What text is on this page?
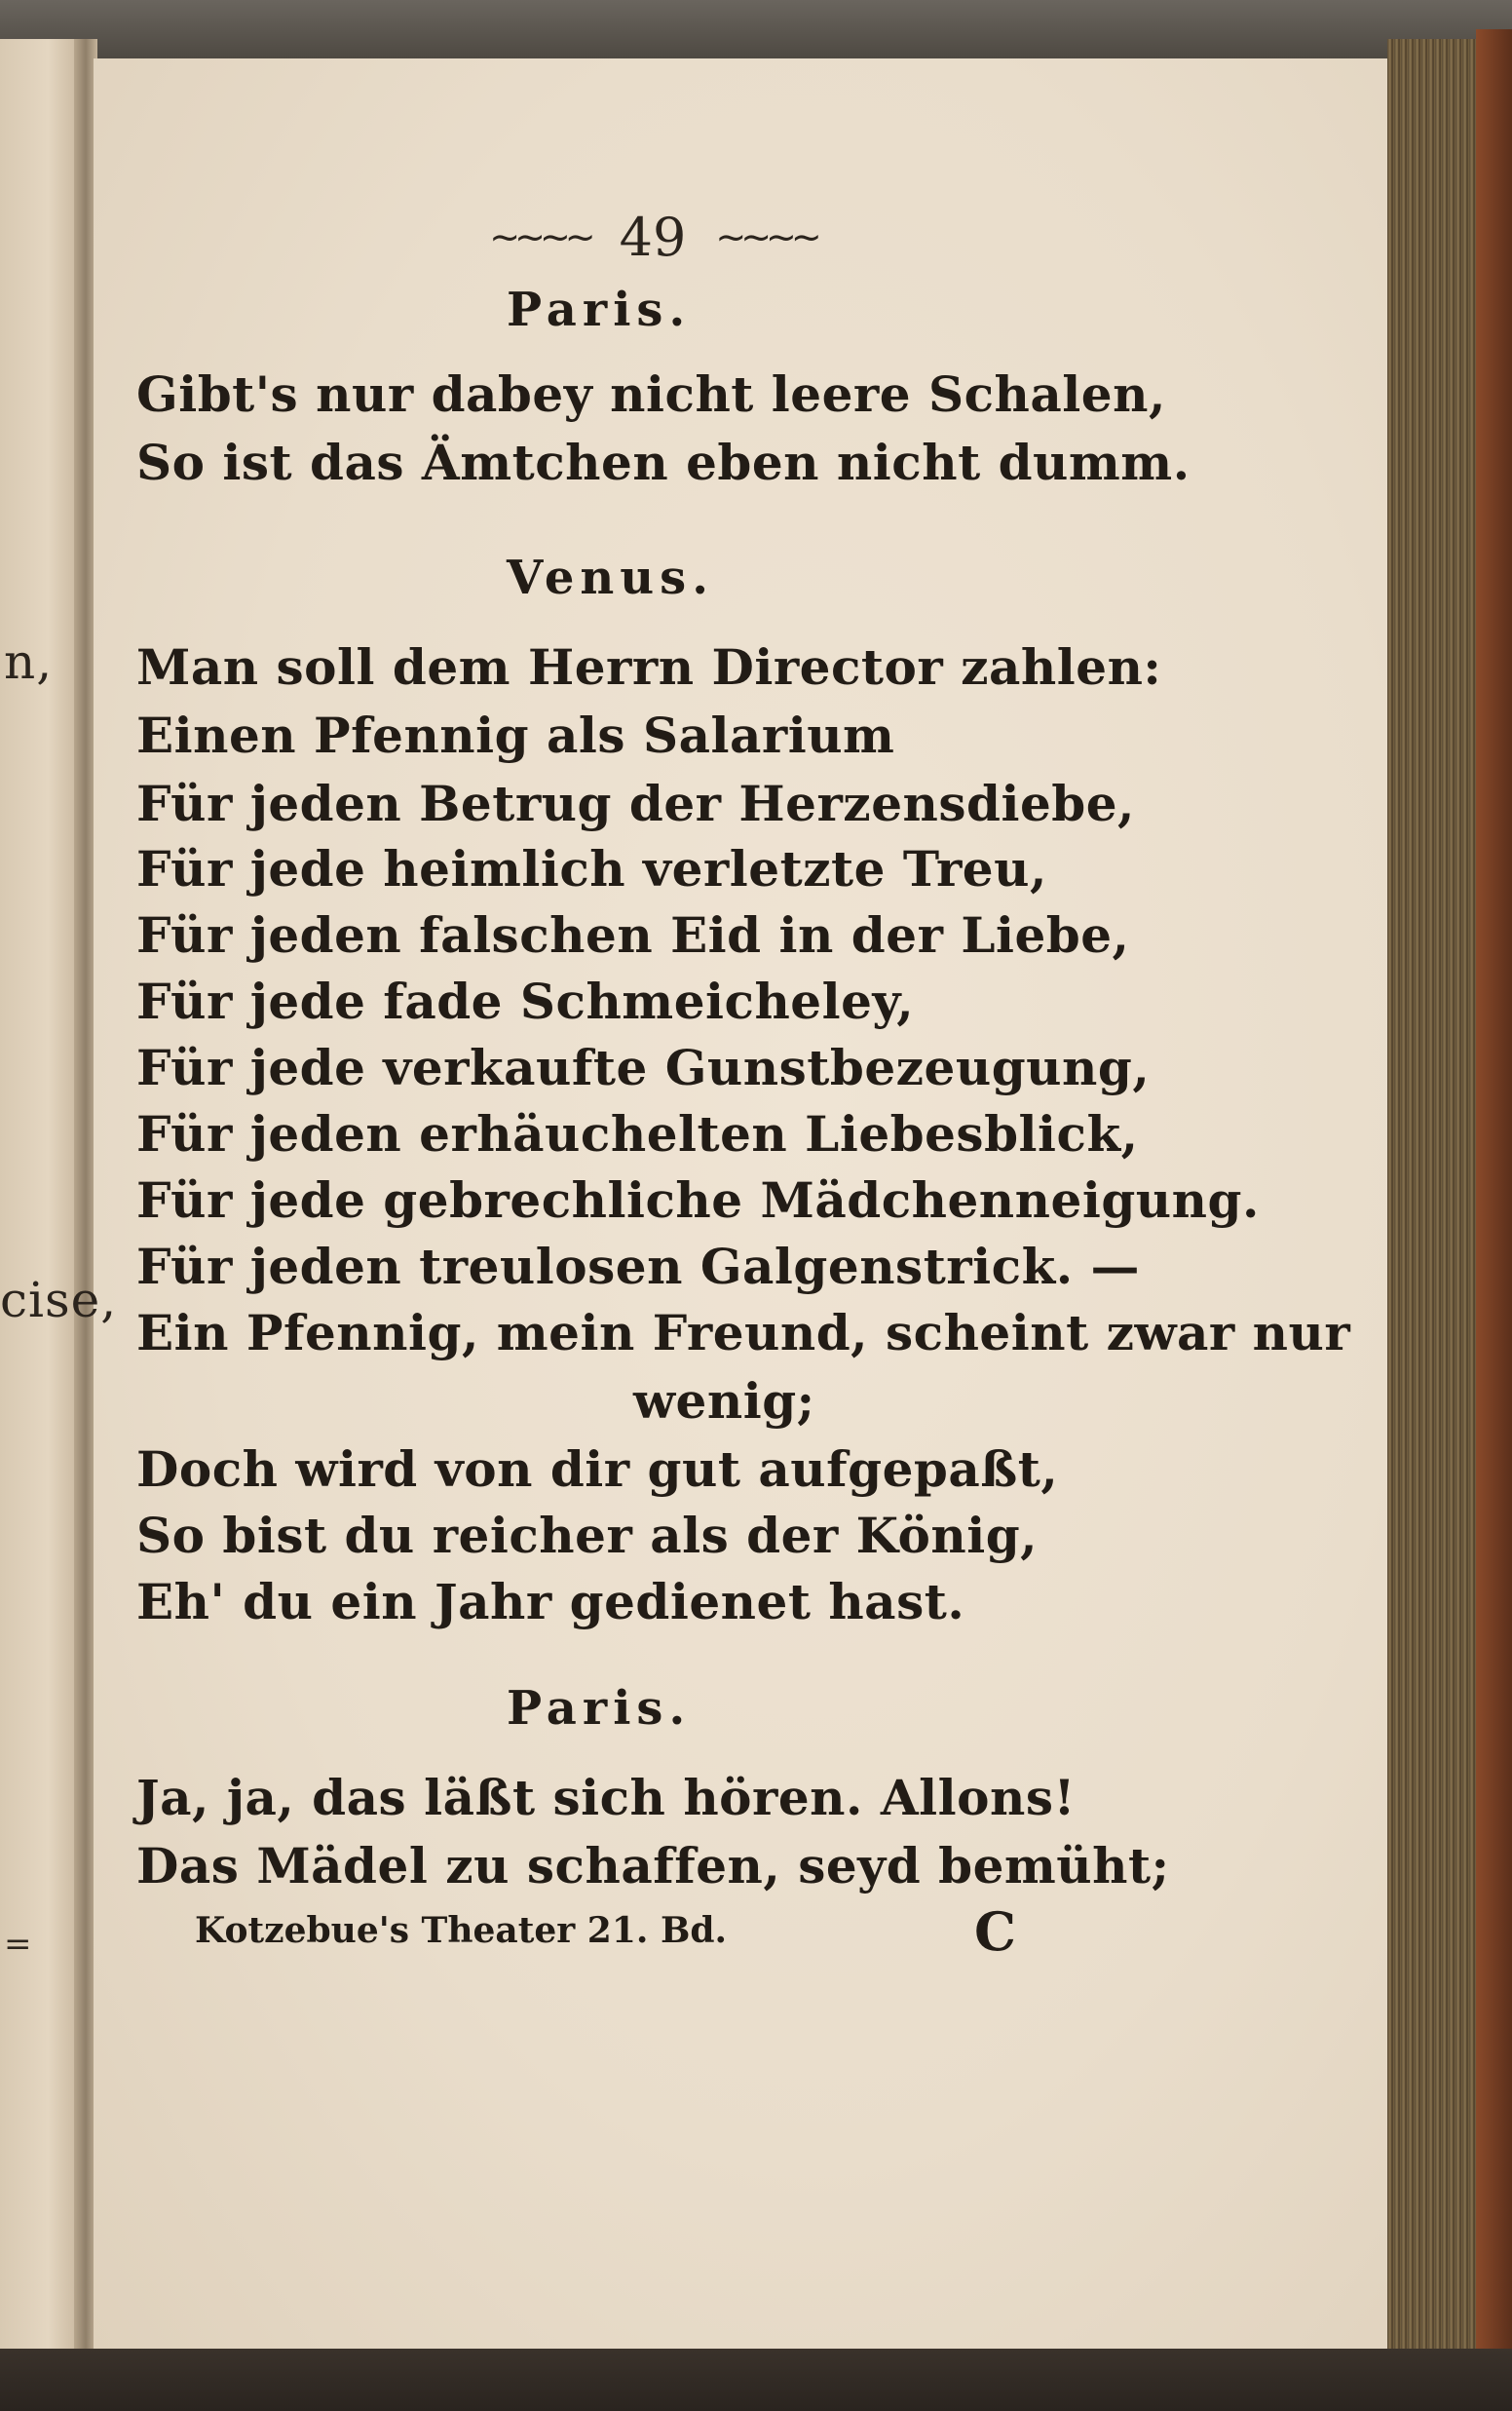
n,
cise,
=
~~~~ 49 ~~~~
Paris.
Gibt's nur dabey nicht leere Schalen,
So ist das Ämtchen eben nicht dumm.
Venus.
Man soll dem Herrn Director zahlen:
Einen Pfennig als Salarium
Für jeden Betrug der Herzensdiebe,
Für jede heimlich verletzte Treu,
Für jeden falschen Eid in der Liebe,
Für jede fade Schmeicheley,
Für jede verkaufte Gunstbezeugung,
Für jeden erhäuchelten Liebesblick,
Für jede gebrechliche Mädchenneigung.
Für jeden treulosen Galgenstrick. —
Ein Pfennig, mein Freund, scheint zwar nur
wenig;
Doch wird von dir gut aufgepaßt,
So bist du reicher als der König,
Eh' du ein Jahr gedienet hast.
Paris.
Ja, ja, das läßt sich hören. Allons!
Das Mädel zu schaffen, seyd bemüht;
Kotzebue's Theater 21. Bd.	C
